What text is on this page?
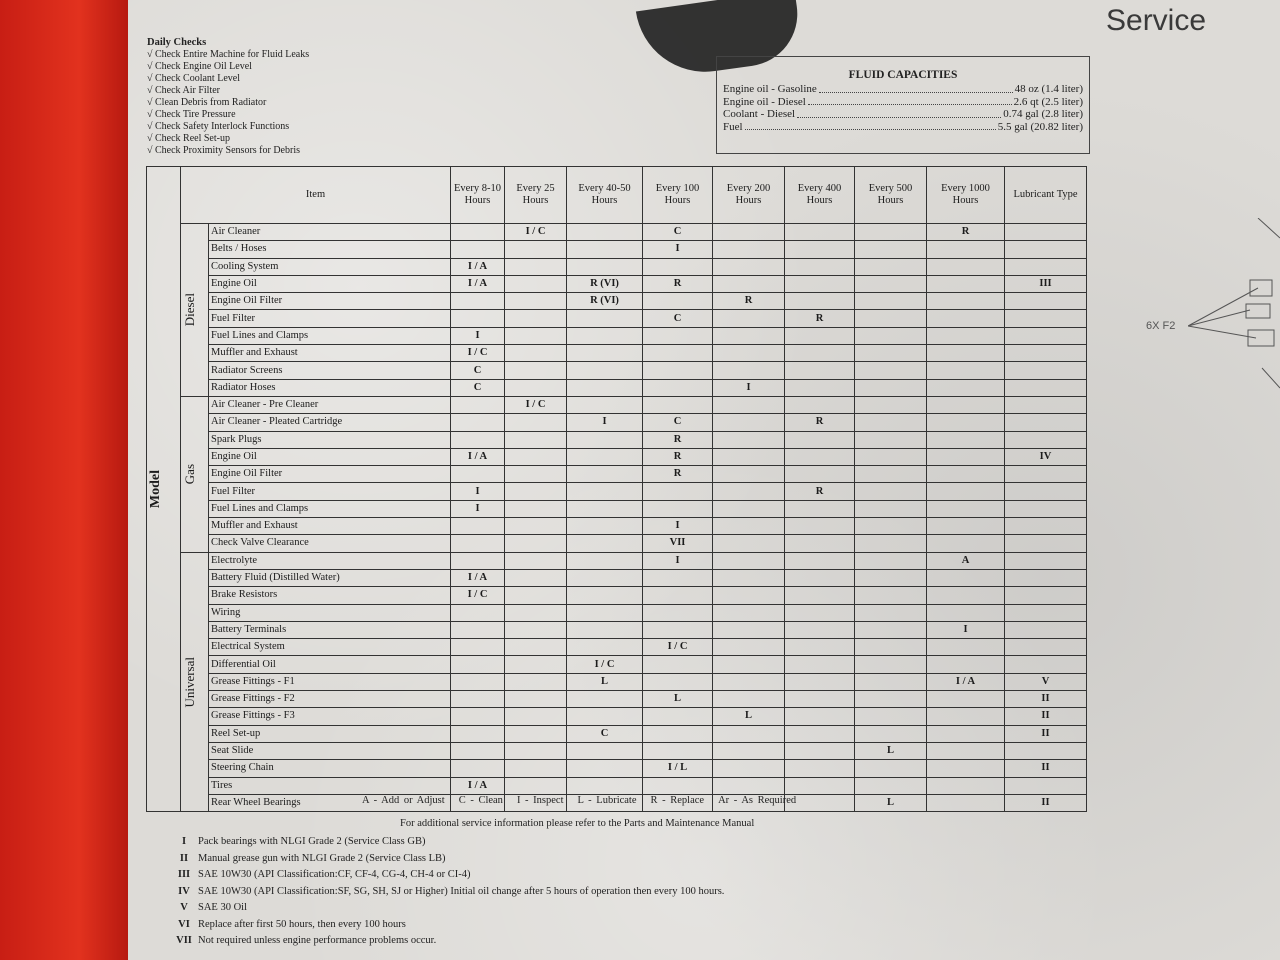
Service
Daily Checks
√ Check Entire Machine for Fluid Leaks
√ Check Engine Oil Level
√ Check Coolant Level
√ Check Air Filter
√ Clean Debris from Radiator
√ Check Tire Pressure
√ Check Safety Interlock Functions
√ Check Reel Set-up
√ Check Proximity Sensors for Debris
FLUID CAPACITIES
Engine oil - Gasoline	48 oz (1.4 liter)
Engine oil - Diesel	2.6 qt (2.5 liter)
Coolant - Diesel	0.74 gal (2.8 liter)
Fuel	5.5 gal (20.82 liter)
Model	Item		Every 8-10 Hours	Every 25 Hours	Every 40-50 Hours	Every 100 Hours	Every 200 Hours	Every 400 Hours	Every 500 Hours	Every 1000 Hours	Lubricant Type

	Diesel	Air Cleaner		I / C		C				R	
		Belts / Hoses				I					
		Cooling System	I / A								
		Engine Oil	I / A		R (VI)	R					III
		Engine Oil Filter			R (VI)		R				
		Fuel Filter				C		R			
		Fuel Lines and Clamps	I								
		Muffler and Exhaust	I / C								
		Radiator Screens	C								
		Radiator Hoses	C				I				

	Gas	Air Cleaner - Pre Cleaner		I / C							
		Air Cleaner - Pleated Cartridge			I	C		R			
		Spark Plugs				R					
		Engine Oil	I / A			R					IV
		Engine Oil Filter				R					
		Fuel Filter	I					R			
		Fuel Lines and Clamps	I								
		Muffler and Exhaust				I					
		Check Valve Clearance				VII					

	Universal	Electrolyte				I				A	
		Battery Fluid (Distilled Water)	I / A								
		Brake Resistors	I / C								
		Wiring									
		Battery Terminals								I	
		Electrical System				I / C					
		Differential Oil			I / C						
		Grease Fittings - F1			L					I / A	V
		Grease Fittings - F2				L					II
		Grease Fittings - F3					L				II
		Reel Set-up			C						II
		Seat Slide							L		
		Steering Chain				I / L					II
		Tires	I / A								
		Rear Wheel Bearings							L		II
A - Add or Adjust C - Clean I - Inspect L - Lubricate R - Replace Ar - As Required
For additional service information please refer to the Parts and Maintenance Manual
I	Pack bearings with NLGI Grade 2 (Service Class GB)
II Manual grease gun with NLGI Grade 2 (Service Class LB)
III SAE 10W30 (API Classification:CF, CF-4, CG-4, CH-4 or CI-4)
IV SAE 10W30 (API Classification:SF, SG, SH, SJ or Higher) Initial oil change after 5 hours of operation then every 100 hours.
V SAE 30 Oil
VI Replace after first 50 hours, then every 100 hours
VII Not required unless engine performance problems occur.
6X F2
